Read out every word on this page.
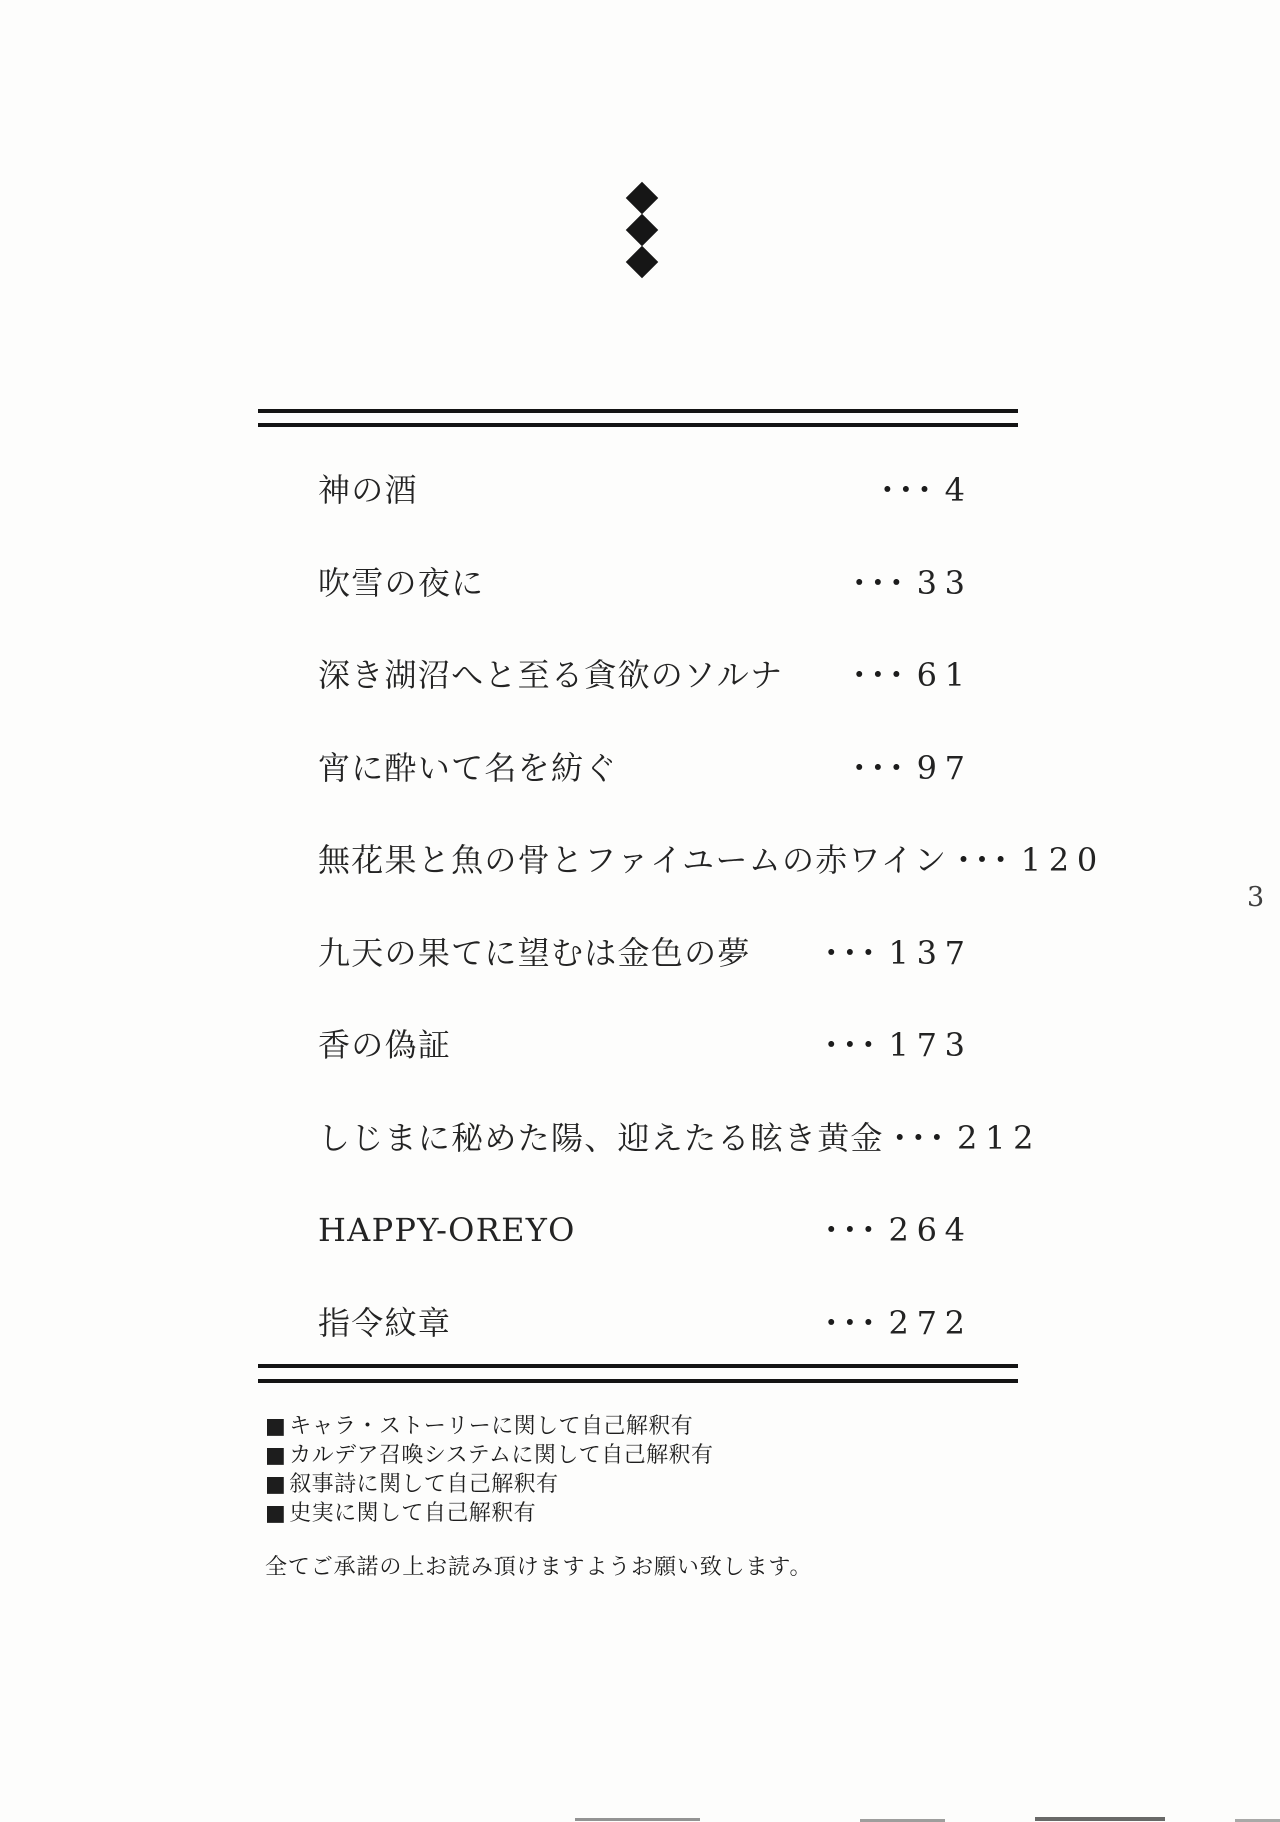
神の酒	・・・ 4
吹雪の夜に	・・・ 33
深き湖沼へと至る貪欲のソルナ ・・・ 61
宵に酔いて名を紡ぐ	・・・ 97
無花果と魚の骨とファイユームの赤ワイン ・・・ 120
九天の果てに望むは金色の夢 ・・・ 137
香の偽証	・・・ 173
しじまに秘めた陽、迎えたる眩き黄金 ・・・ 212
HAPPY-OREYO	・・・ 264
指令紋章	・・・ 272
3
■ キャラ・ストーリーに関して自己解釈有
■ カルデア召喚システムに関して自己解釈有
■ 叙事詩に関して自己解釈有
■ 史実に関して自己解釈有
全てご承諾の上お読み頂けますようお願い致します。
